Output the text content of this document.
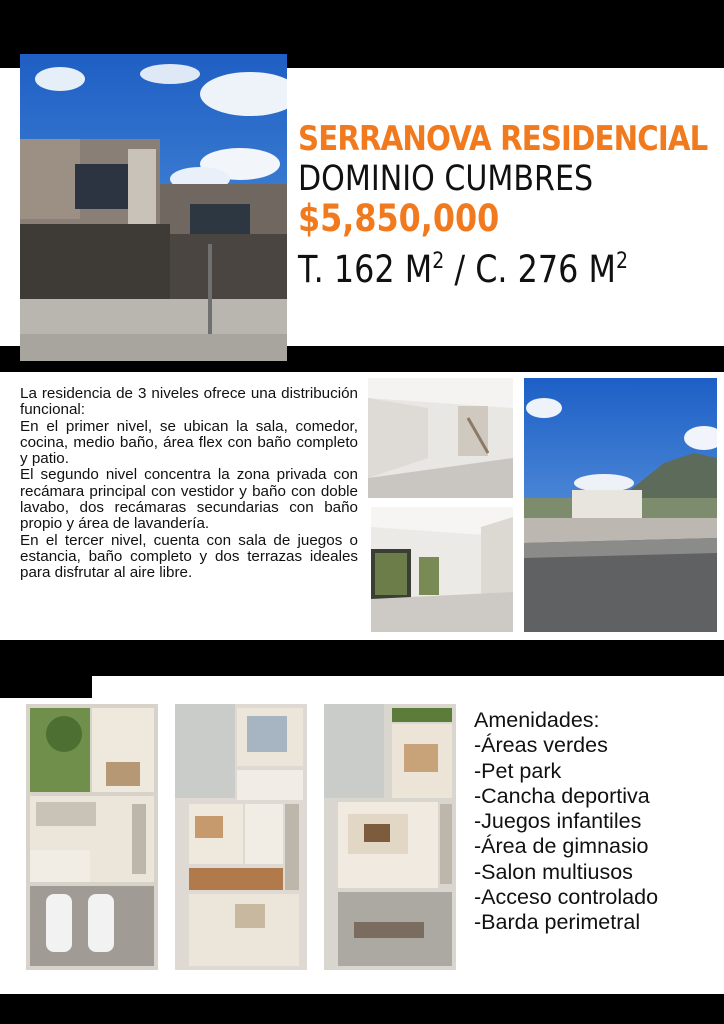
SERRANOVA RESIDENCIAL
DOMINIO CUMBRES
$5,850,000
T. 162 $M^2$ / C. 276 $M^2$

La residencia de 3 niveles ofrece una distribución funcional:

En el primer nivel, se ubican la sala, comedor, cocina, medio baño, área flex con baño completo y patio.

El segundo nivel concentra la zona privada con recámara principal con vestidor y baño con doble lavabo, dos recámaras secundarias con baño propio y área de lavandería.

En el tercer nivel, cuenta con sala de juegos o estancia, baño completo y dos terrazas ideales para disfrutar al aire libre.

Amenidades:
-Áreas verdes
-Pet park
-Cancha deportiva
-Juegos infantiles
-Área de gimnasio
-Salon multiusos
-Acceso controlado
-Barda perimetral
